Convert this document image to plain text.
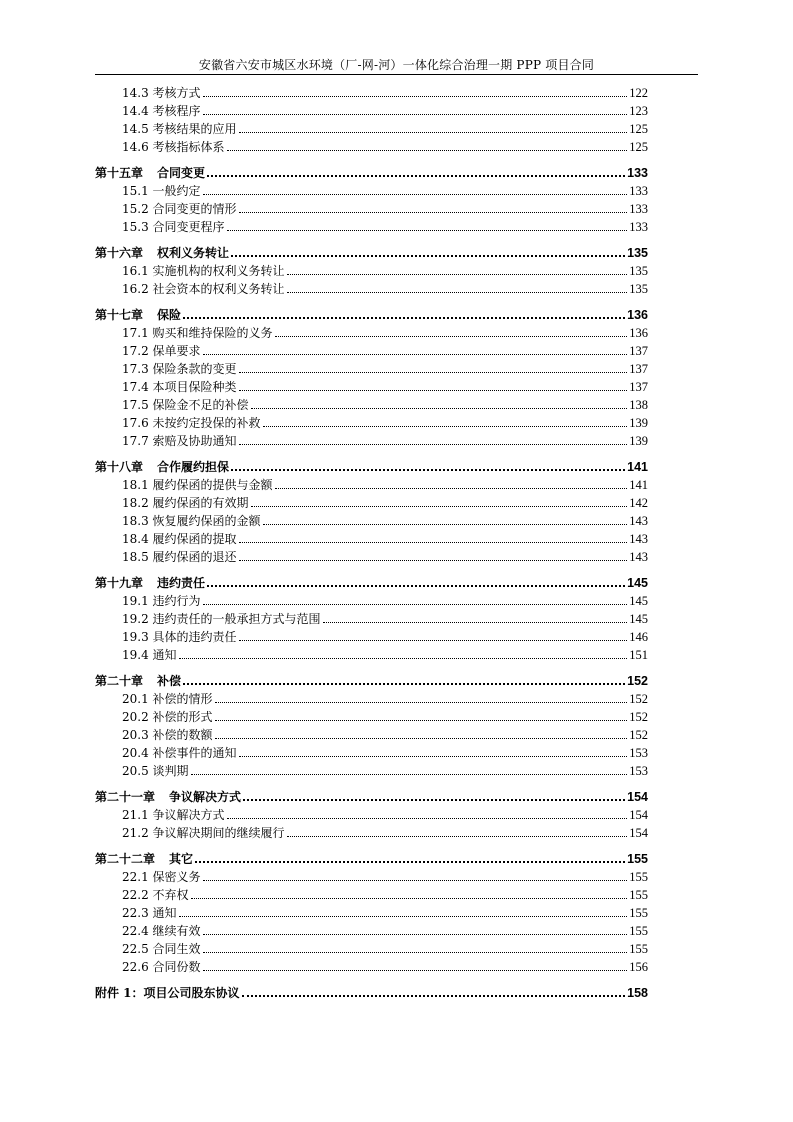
安徽省六安市城区水环境（厂-网-河）一体化综合治理一期 PPP 项目合同
14.3 考核方式	122
14.4 考核程序	123
14.5 考核结果的应用	125
14.6 考核指标体系	125
第十五章 合同变更	133
15.1 一般约定	133
15.2 合同变更的情形	133
15.3 合同变更程序	133
第十六章 权利义务转让	135
16.1 实施机构的权利义务转让	135
16.2 社会资本的权利义务转让	135
第十七章 保险	136
17.1 购买和维持保险的义务	136
17.2 保单要求	137
17.3 保险条款的变更	137
17.4 本项目保险种类	137
17.5 保险金不足的补偿	138
17.6 未按约定投保的补救	139
17.7 索赔及协助通知	139
第十八章 合作履约担保	141
18.1 履约保函的提供与金额	141
18.2 履约保函的有效期	142
18.3 恢复履约保函的金额	143
18.4 履约保函的提取	143
18.5 履约保函的退还	143
第十九章 违约责任	145
19.1 违约行为	145
19.2 违约责任的一般承担方式与范围	145
19.3 具体的违约责任	146
19.4 通知	151
第二十章 补偿	152
20.1 补偿的情形	152
20.2 补偿的形式	152
20.3 补偿的数额	152
20.4 补偿事件的通知	153
20.5 谈判期	153
第二十一章 争议解决方式	154
21.1 争议解决方式	154
21.2 争议解决期间的继续履行	154
第二十二章 其它	155
22.1 保密义务	155
22.2 不弃权	155
22.3 通知	155
22.4 继续有效	155
22.5 合同生效	155
22.6 合同份数	156
附件 1：项目公司股东协议	158
